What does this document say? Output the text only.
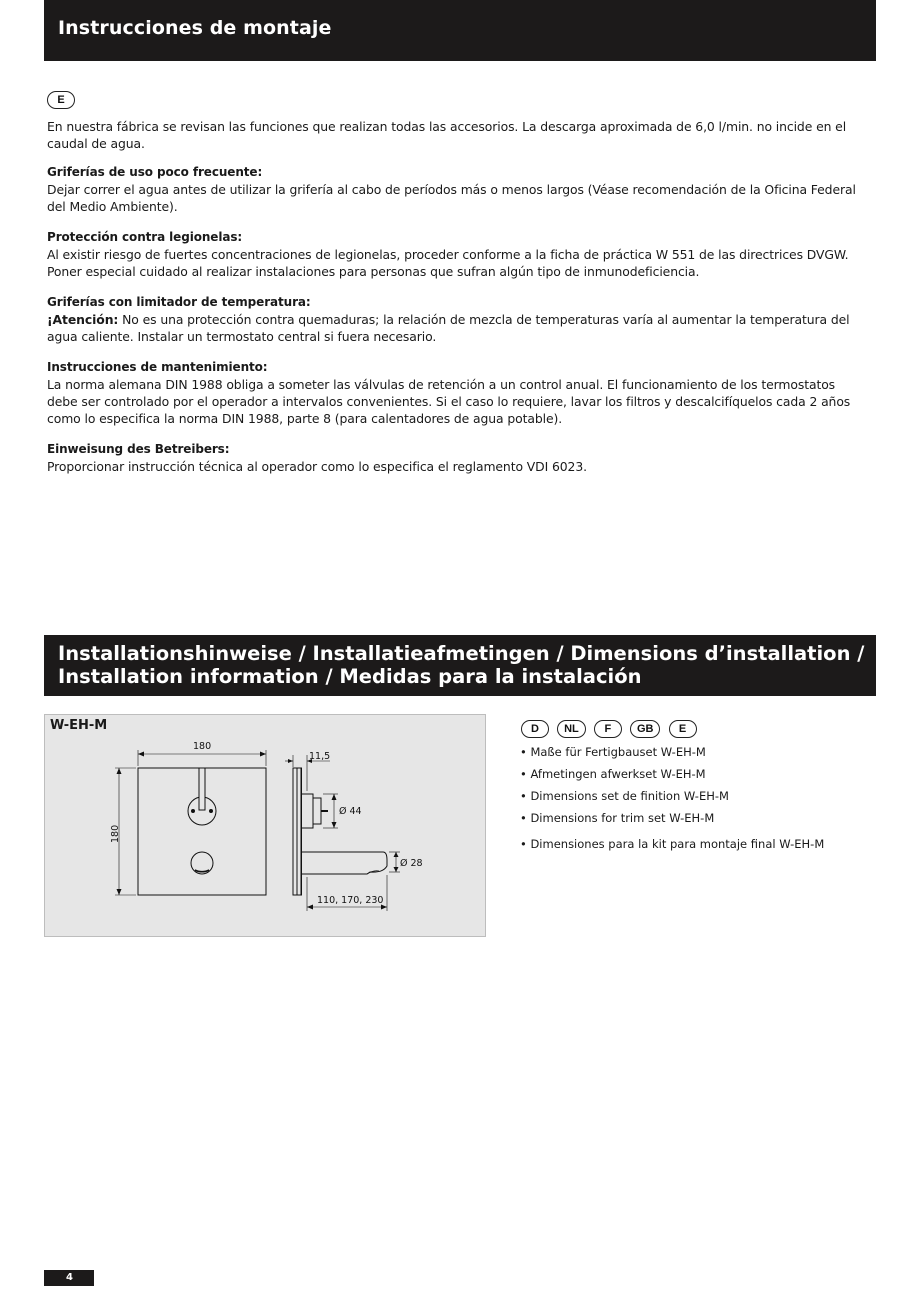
Instrucciones de montaje
E

En nuestra fábrica se revisan las funciones que realizan todas las accesorios. La descarga aproximada de 6,0 l/min. no incide en el caudal de agua.

Griferías de uso poco frecuente:

Dejar correr el agua antes de utilizar la grifería al cabo de períodos más o menos largos (Véase recomendación de la Oficina Federal del Medio Ambiente).

Protección contra legionelas:

Al existir riesgo de fuertes concentraciones de legionelas, proceder conforme a la ficha de práctica W 551 de las directrices DVGW.

Poner especial cuidado al realizar instalaciones para personas que sufran algún tipo de inmunodeficiencia.

Griferías con limitador de temperatura:

¡Atención: No es una protección contra quemaduras; la relación de mezcla de temperaturas varía al aumentar la temperatura del agua caliente. Instalar un termostato central si fuera necesario.

Instrucciones de mantenimiento:

La norma alemana DIN 1988 obliga a someter las válvulas de retención a un control anual. El funcionamiento de los termostatos

debe ser controlado por el operador a intervalos convenientes. Si el caso lo requiere, lavar los filtros y descalcifíquelos cada 2 años como lo especifica la norma DIN 1988, parte 8 (para calentadores de agua potable).

Einweisung des Betreibers:

Proporcionar instrucción técnica al operador como lo especifica el reglamento VDI 6023.

Installationshinweise / Installatieafmetingen / Dimensions d’installation /
Installation information / Medidas para la instalación
180
180
11,5
Ø 44
Ø 28
110, 170, 230
W-EH-M	D NL F GB E
• Maße für Fertigbauset W-EH-M
• Afmetingen afwerkset W-EH-M
• Dimensions set de finition W-EH-M
• Dimensions for trim set W-EH-M
• Dimensiones para la kit para montaje final W-EH-M
4
